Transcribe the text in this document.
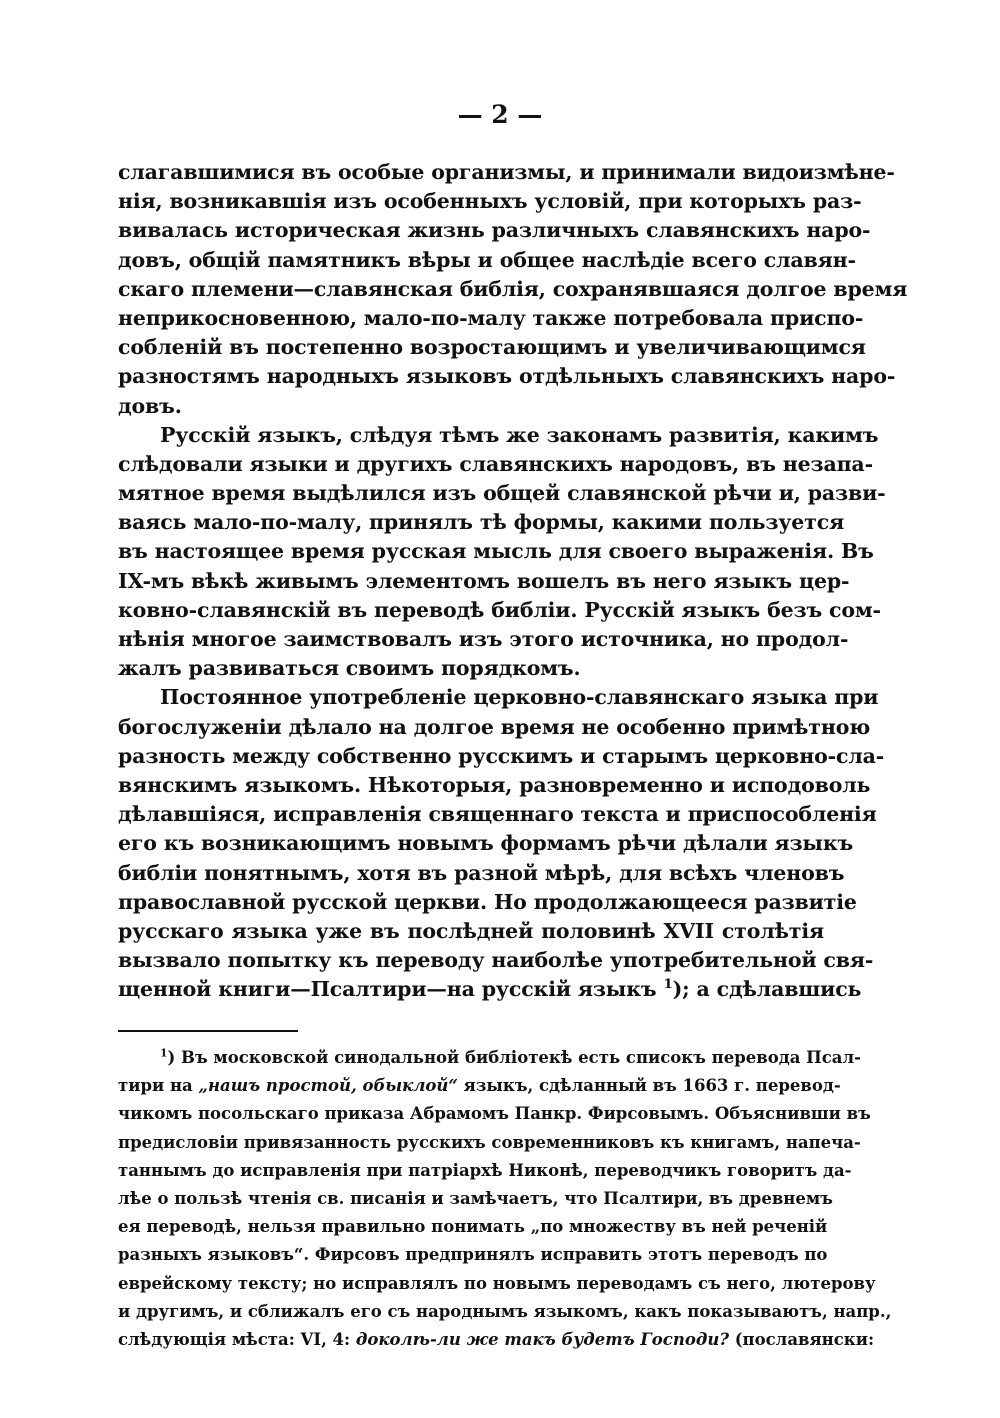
— 2 —
слагавшимися въ особые организмы, и принимали видоизмѣне-
нія, возникавшія изъ особенныхъ условій, при которыхъ раз-
вивалась историческая жизнь различныхъ славянскихъ наро-
довъ, общій памятникъ вѣры и общее наслѣдіе всего славян-
скаго племени—славянская библія, сохранявшаяся долгое время
неприкосновенною, мало-по-малу также потребовала приспо-
собленій въ постепенно возростающимъ и увеличивающимся
разностямъ народныхъ языковъ отдѣльныхъ славянскихъ наро-
довъ.
Русскій языкъ, слѣдуя тѣмъ же законамъ развитія, какимъ
слѣдовали языки и другихъ славянскихъ народовъ, въ незапа-
мятное время выдѣлился изъ общей славянской рѣчи и, разви-
ваясь мало-по-малу, принялъ тѣ формы, какими пользуется
въ настоящее время русская мысль для своего выраженія. Въ
IX-мъ вѣкѣ живымъ элементомъ вошелъ въ него языкъ цер-
ковно-славянскій въ переводѣ библіи. Русскій языкъ безъ сом-
нѣнія многое заимствовалъ изъ этого источника, но продол-
жалъ развиваться своимъ порядкомъ.
Постоянное употребленіе церковно-славянскаго языка при
богослуженіи дѣлало на долгое время не особенно примѣтною
разность между собственно русскимъ и старымъ церковно-сла-
вянскимъ языкомъ. Нѣкоторыя, разновременно и исподоволь
дѣлавшіяся, исправленія священнаго текста и приспособленія
его къ возникающимъ новымъ формамъ рѣчи дѣлали языкъ
библіи понятнымъ, хотя въ разной мѣрѣ, для всѣхъ членовъ
православной русской церкви. Но продолжающееся развитіе
русскаго языка уже въ послѣдней половинѣ XVII столѣтія
вызвало попытку къ переводу наиболѣе употребительной свя-
щенной книги—Псалтири—на русскій языкъ $^1$); а сдѣлавшись
$^1$) Въ московской синодальной библіотекѣ есть списокъ перевода Псал-
тири на „нашъ простой, обыклой“ языкъ, сдѣланный въ 1663 г. перевод-
чикомъ посольскаго приказа Абрамомъ Панкр. Фирсовымъ. Объяснивши въ
предисловіи привязанность русскихъ современниковъ къ книгамъ, напеча-
таннымъ до исправленія при патріархѣ Никонѣ, переводчикъ говоритъ да-
лѣе о пользѣ чтенія св. писанія и замѣчаетъ, что Псалтири, въ древнемъ
ея переводѣ, нельзя правильно понимать „по множеству въ ней реченій
разныхъ языковъ“. Фирсовъ предпринялъ исправить этотъ переводъ по
еврейскому тексту; но исправлялъ по новымъ переводамъ съ него, лютерову
и другимъ, и сближалъ его съ народнымъ языкомъ, какъ показываютъ, напр.,
слѣдующія мѣста: VI, 4: доколѣ-ли же такъ будетъ Господи? (пославянски:
